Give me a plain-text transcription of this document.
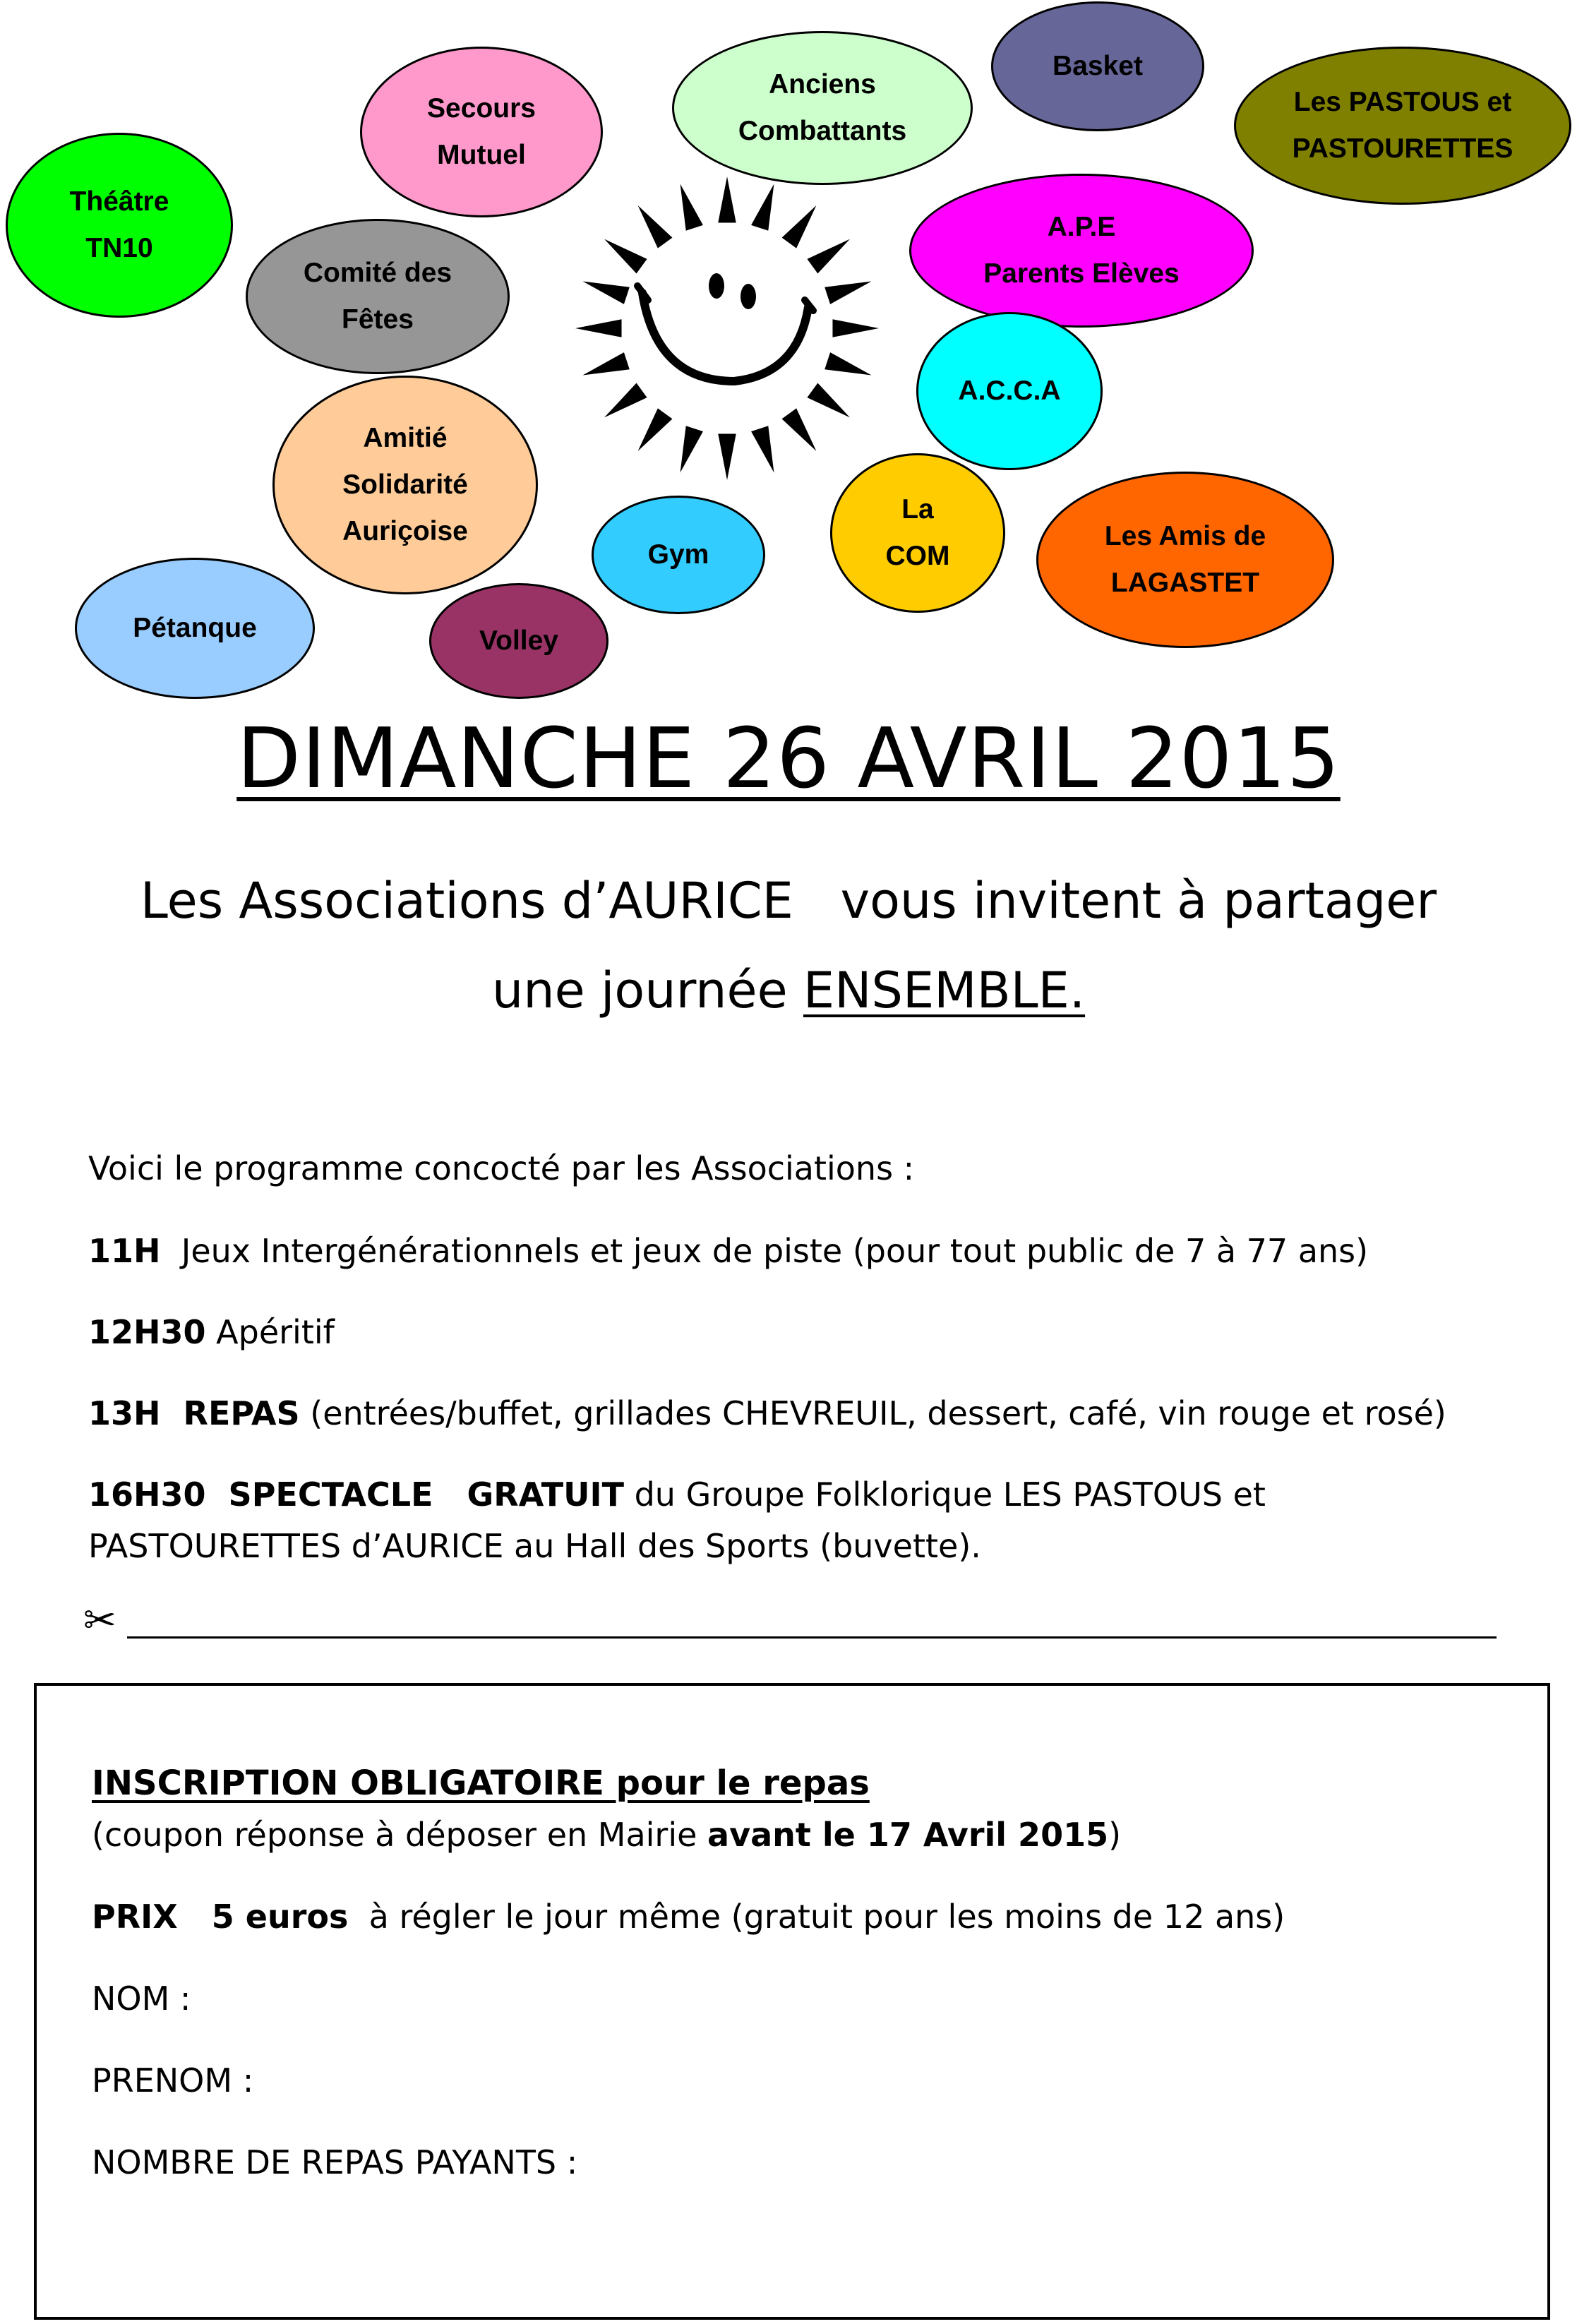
Théâtre
TN10
Secours
Mutuel
Anciens
Combattants
Basket
Les PASTOUS et
PASTOURETTES
Comité des
Fêtes
A.P.E
Parents Elèves
A.C.C.A
Amitié
Solidarité
Auriçoise
Gym
La
COM
Les Amis de
LAGASTET
Pétanque	Volley
DIMANCHE 26 AVRIL 2015
Les Associations d’AURICE   vous invitent à partager
une journée ENSEMBLE.
Voici le programme concocté par les Associations :
11H  Jeux Intergénérationnels et jeux de piste (pour tout public de 7 à 77 ans)
12H30 Apéritif
13H  REPAS (entrées/buffet, grillades CHEVREUIL, dessert, café, vin rouge et rosé)
16H30  SPECTACLE   GRATUIT du Groupe Folklorique LES PASTOUS et
PASTOURETTES d’AURICE au Hall des Sports (buvette).
✂
INSCRIPTION OBLIGATOIRE pour le repas
(coupon réponse à déposer en Mairie avant le 17 Avril 2015)
PRIX   5 euros  à régler le jour même (gratuit pour les moins de 12 ans)
NOM :
PRENOM :
NOMBRE DE REPAS PAYANTS :
